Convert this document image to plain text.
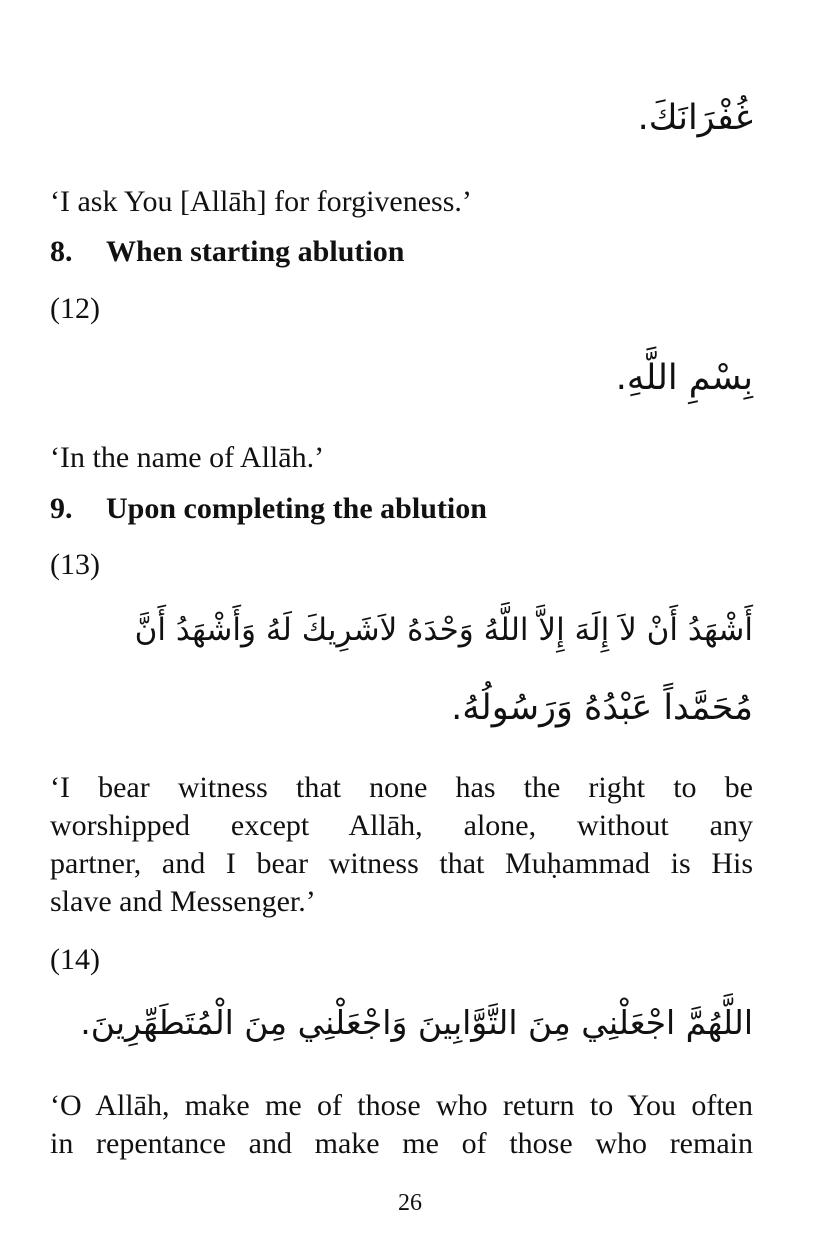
غُفْرَانَكَ.
‘I ask You [Allāh] for forgiveness.’
8. When starting ablution
(12)
بِسْمِ اللَّهِ.
‘In the name of Allāh.’
9. Upon completing the ablution
(13)
أَشْهَدُ أَنْ لاَ إِلَهَ إِلاَّ اللَّهُ وَحْدَهُ لاَشَرِيكَ لَهُ وَأَشْهَدُ أَنَّ
مُحَمَّداً عَبْدُهُ وَرَسُولُهُ.
‘I bear witness that none has the right to be
worshipped except Allāh, alone, without any
partner, and I bear witness that Muḥammad is His
slave and Messenger.’
(14)
اللَّهُمَّ اجْعَلْنِي مِنَ التَّوَّابِينَ وَاجْعَلْنِي مِنَ الْمُتَطَهِّرِينَ.
‘O Allāh, make me of those who return to You often
in repentance and make me of those who remain
26
